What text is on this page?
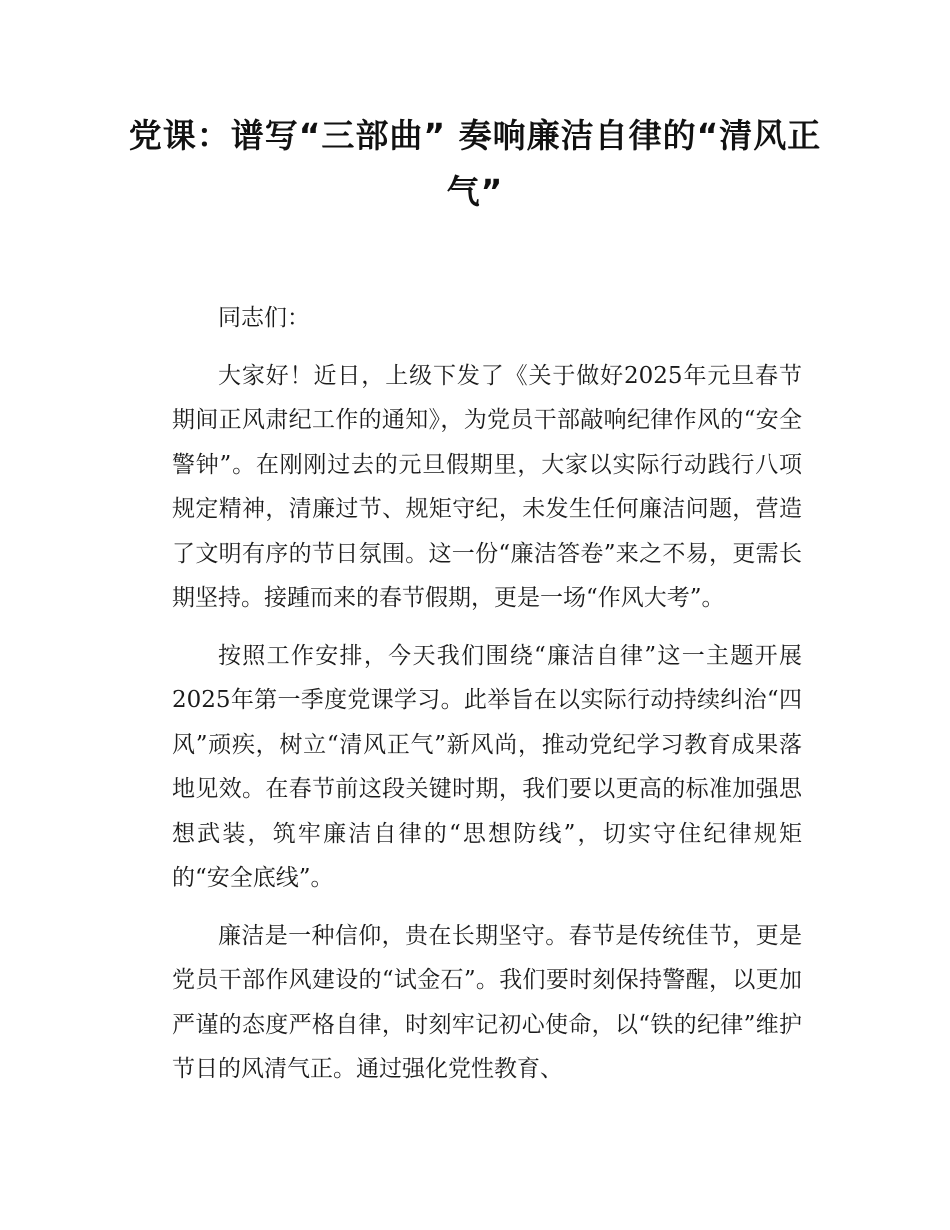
党课：谱写“三部曲” 奏响廉洁自律的“清风正气”

同志们：

大家好！近日，上级下发了《关于做好2025年元旦春节期间正风肃纪工作的通知》，为党员干部敲响纪律作风的“安全警钟”。在刚刚过去的元旦假期里，大家以实际行动践行八项规定精神，清廉过节、规矩守纪，未发生任何廉洁问题，营造了文明有序的节日氛围。这一份“廉洁答卷”来之不易，更需长期坚持。接踵而来的春节假期，更是一场“作风大考”。

按照工作安排，今天我们围绕“廉洁自律”这一主题开展2025年第一季度党课学习。此举旨在以实际行动持续纠治“四风”顽疾，树立“清风正气”新风尚，推动党纪学习教育成果落地见效。在春节前这段关键时期，我们要以更高的标准加强思想武装，筑牢廉洁自律的“思想防线”，切实守住纪律规矩的“安全底线”。

廉洁是一种信仰，贵在长期坚守。春节是传统佳节，更是党员干部作风建设的“试金石”。我们要时刻保持警醒，以更加严谨的态度严格自律，时刻牢记初心使命，以“铁的纪律”维护节日的风清气正。通过强化党性教育、
